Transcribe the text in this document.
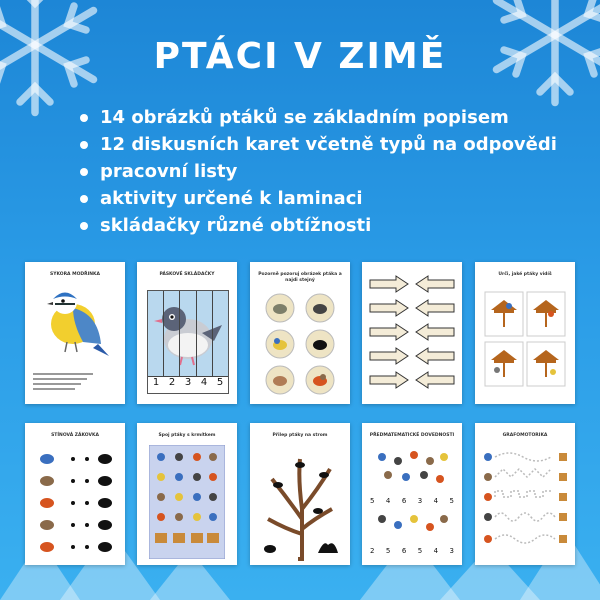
PTÁCI V ZIMĚ
14 obrázků ptáků se základním popisem
12 diskusních karet včetně typů na odpovědi
pracovní listy
aktivity určené k laminaci
skládačky různé obtížnosti
SÝKORA MODŘINKA	PÁSKOVÉ SKLÁDAČKY
1 2 3 4 5
Pozorně pozoruj obrázek ptáka a najdi stejný
Urči, jaké ptáky vidíš
STÍNOVÁ ZÁKOVKA	Spoj ptáky s krmítkem	Přilep ptáky na strom	PŘEDMATEMATICKÉ DOVEDNOSTI
5 4 6 3 4 5
2 5 6 5 4 3
GRAFOMOTORIKA
